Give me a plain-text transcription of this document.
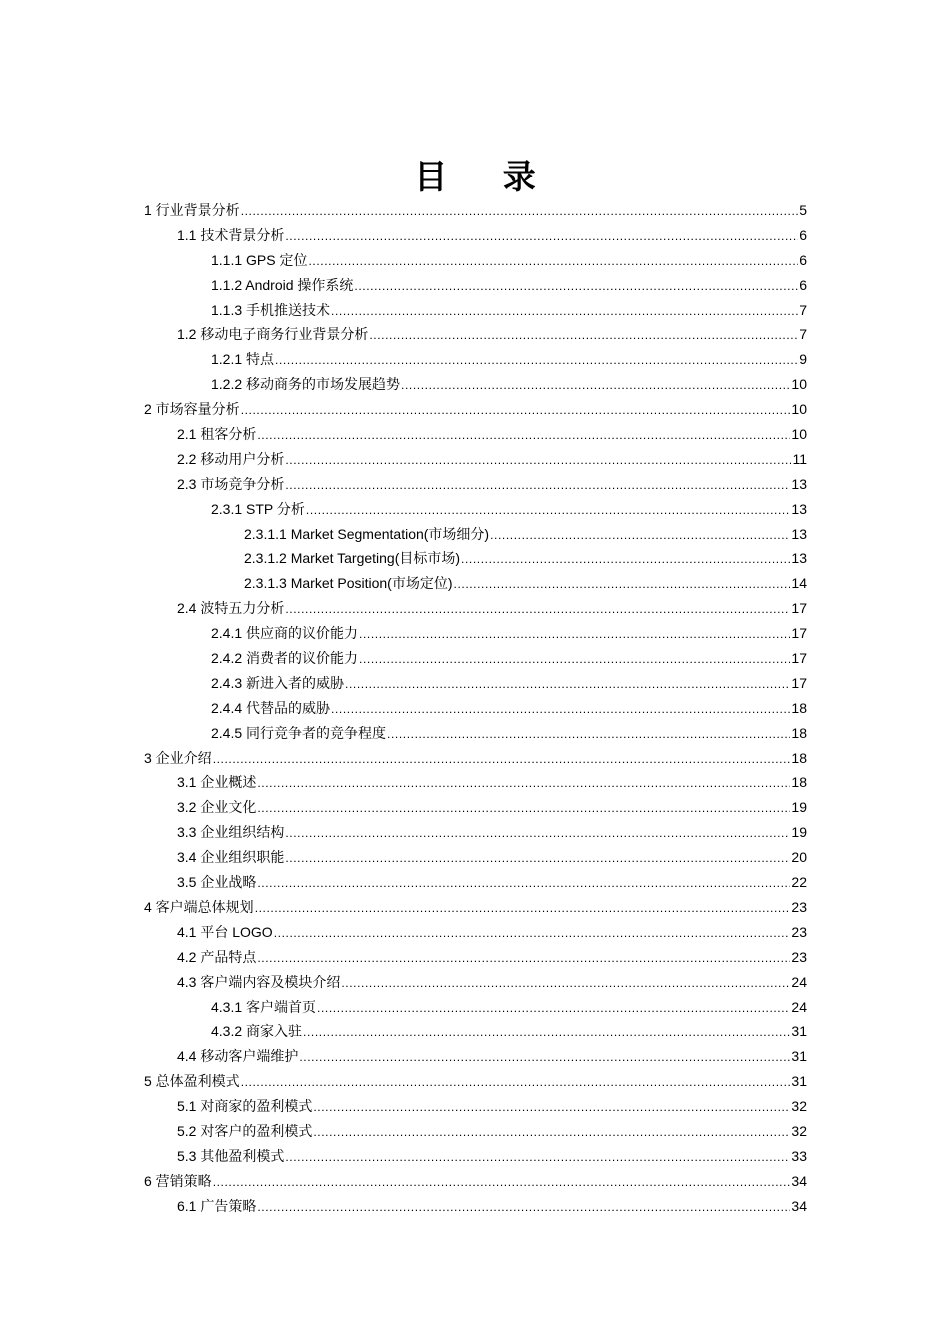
目 录
1 行业背景分析 .....	5
1.1 技术背景分析 .....	6
1.1.1 GPS 定位 .....	6
1.1.2 Android 操作系统 .....	6
1.1.3 手机推送技术 .....	7
1.2 移动电子商务行业背景分析 .....	7
1.2.1 特点 .....	9
1.2.2 移动商务的市场发展趋势 .....	10
2 市场容量分析 .....	10
2.1 租客分析 .....	10
2.2 移动用户分析 .....	11
2.3 市场竞争分析 .....	13
2.3.1 STP 分析 .....	13
2.3.1.1 Market Segmentation(市场细分) .....	13
2.3.1.2 Market Targeting(目标市场) .....	13
2.3.1.3 Market Position(市场定位) .....	14
2.4 波特五力分析 .....	17
2.4.1 供应商的议价能力 .....	17
2.4.2 消费者的议价能力 .....	17
2.4.3 新进入者的威胁 .....	17
2.4.4 代替品的威胁 .....	18
2.4.5 同行竞争者的竞争程度 .....	18
3 企业介绍 .....	18
3.1 企业概述 .....	18
3.2 企业文化 .....	19
3.3 企业组织结构 .....	19
3.4 企业组织职能 .....	20
3.5 企业战略 .....	22
4 客户端总体规划 .....	23
4.1 平台 LOGO .....	23
4.2 产品特点 .....	23
4.3 客户端内容及模块介绍 .....	24
4.3.1 客户端首页 .....	24
4.3.2 商家入驻 .....	31
4.4 移动客户端维护 .....	31
5 总体盈利模式 .....	31
5.1 对商家的盈利模式 .....	32
5.2 对客户的盈利模式 .....	32
5.3 其他盈利模式 .....	33
6 营销策略 .....	34
6.1 广告策略 .....	34
